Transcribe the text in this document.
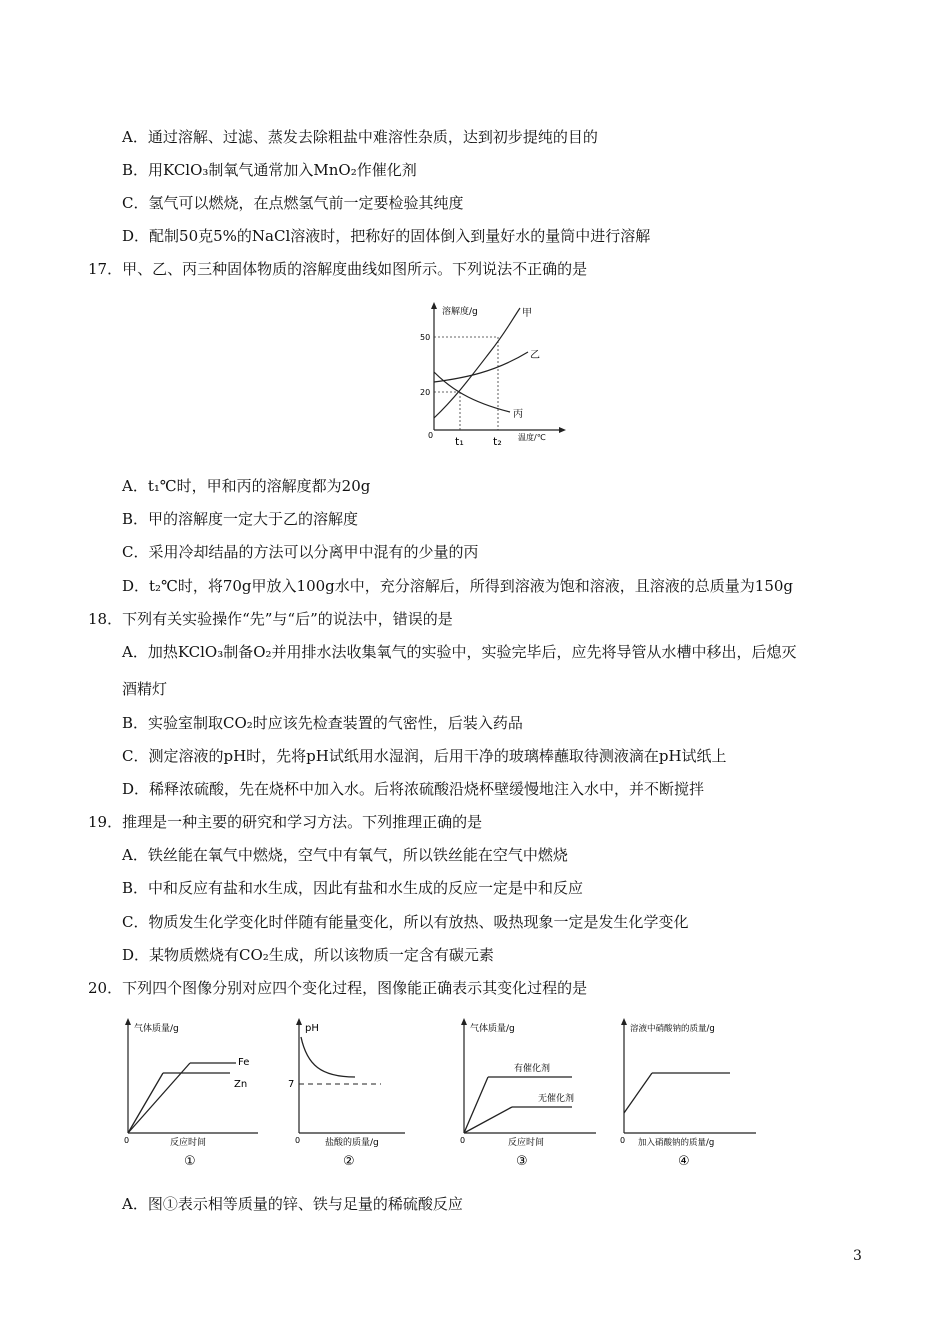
A．通过溶解、过滤、蒸发去除粗盐中难溶性杂质，达到初步提纯的目的
B．用KClO₃制氧气通常加入MnO₂作催化剂
C．氢气可以燃烧，在点燃氢气前一定要检验其纯度
D．配制50克5%的NaCl溶液时，把称好的固体倒入到量好水的量筒中进行溶解
17．甲、乙、丙三种固体物质的溶解度曲线如图所示。下列说法不正确的是
溶解度/g
温度/℃
0
50
20
甲
乙
丙
t₁	t₂
A．t₁℃时，甲和丙的溶解度都为20g
B．甲的溶解度一定大于乙的溶解度
C．采用冷却结晶的方法可以分离甲中混有的少量的丙
D．t₂℃时，将70g甲放入100g水中，充分溶解后，所得到溶液为饱和溶液，且溶液的总质量为150g
18．下列有关实验操作“先”与“后”的说法中，错误的是
A．加热KClO₃制备O₂并用排水法收集氧气的实验中，实验完毕后，应先将导管从水槽中移出，后熄灭
酒精灯
B．实验室制取CO₂时应该先检查装置的气密性，后装入药品
C．测定溶液的pH时，先将pH试纸用水湿润，后用干净的玻璃棒蘸取待测液滴在pH试纸上
D．稀释浓硫酸，先在烧杯中加入水。后将浓硫酸沿烧杯壁缓慢地注入水中，并不断搅拌
19．推理是一种主要的研究和学习方法。下列推理正确的是
A．铁丝能在氧气中燃烧，空气中有氧气，所以铁丝能在空气中燃烧
B．中和反应有盐和水生成，因此有盐和水生成的反应一定是中和反应
C．物质发生化学变化时伴随有能量变化，所以有放热、吸热现象一定是发生化学变化
D．某物质燃烧有CO₂生成，所以该物质一定含有碳元素
20．下列四个图像分别对应四个变化过程，图像能正确表示其变化过程的是
气体质量/g
0	反应时间
Fe
Zn
①
pH
0
7
盐酸的质量/g
②
气体质量/g
0	反应时间
有催化剂
无催化剂
③
溶液中硝酸钠的质量/g
0 加入硝酸钠的质量/g
④
A．图①表示相等质量的锌、铁与足量的稀硫酸反应
3
